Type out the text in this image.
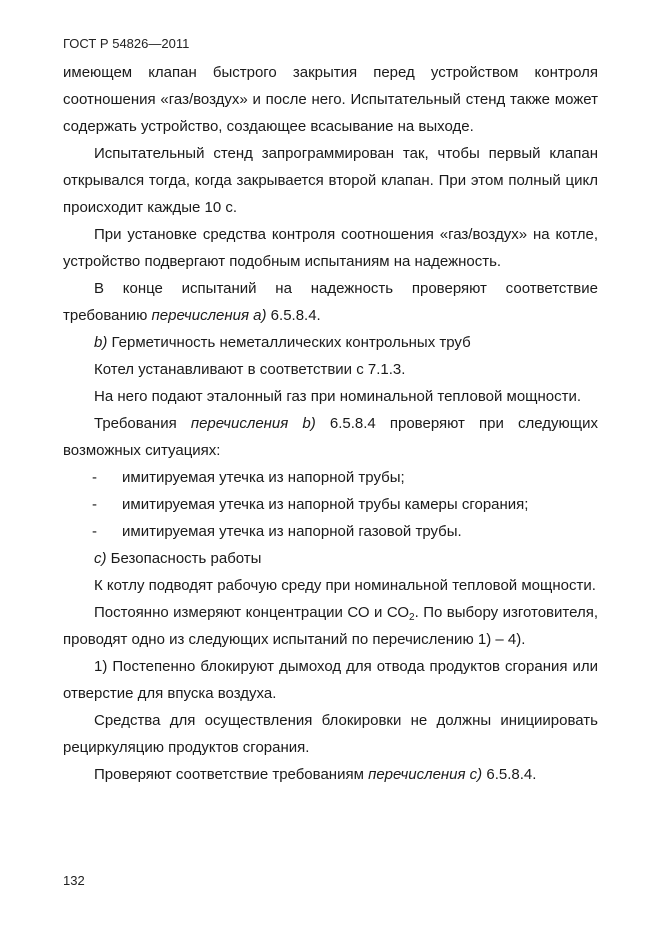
ГОСТ Р 54826—2011

имеющем клапан быстрого закрытия перед устройством контроля соотношения «газ/воздух» и после него. Испытательный стенд также может содержать устройство, создающее всасывание на выходе.

Испытательный стенд запрограммирован так, чтобы первый клапан открывался тогда, когда закрывается второй клапан. При этом полный цикл происходит каждые 10 с.

При установке средства контроля соотношения «газ/воздух» на котле, устройство подвергают подобным испытаниям на надежность.

В конце испытаний на надежность проверяют соответствие требованию перечисления а) 6.5.8.4.

b) Герметичность неметаллических контрольных труб

Котел устанавливают в соответствии с 7.1.3.

На него подают эталонный газ при номинальной тепловой мощности.

Требования перечисления b) 6.5.8.4 проверяют при следующих возможных ситуациях:

-	имитируемая утечка из напорной трубы;
-	имитируемая утечка из напорной трубы камеры сгорания;
-	имитируемая утечка из напорной газовой трубы.

c) Безопасность работы

К котлу подводят рабочую среду при номинальной тепловой мощности.

Постоянно измеряют концентрации СО и $СО_2$. По выбору изготовителя, проводят одно из следующих испытаний по перечислению 1) – 4).

1) Постепенно блокируют дымоход для отвода продуктов сгорания или отверстие для впуска воздуха.

Средства для осуществления блокировки не должны инициировать рециркуляцию продуктов сгорания.

Проверяют соответствие требованиям перечисления с) 6.5.8.4.

132
